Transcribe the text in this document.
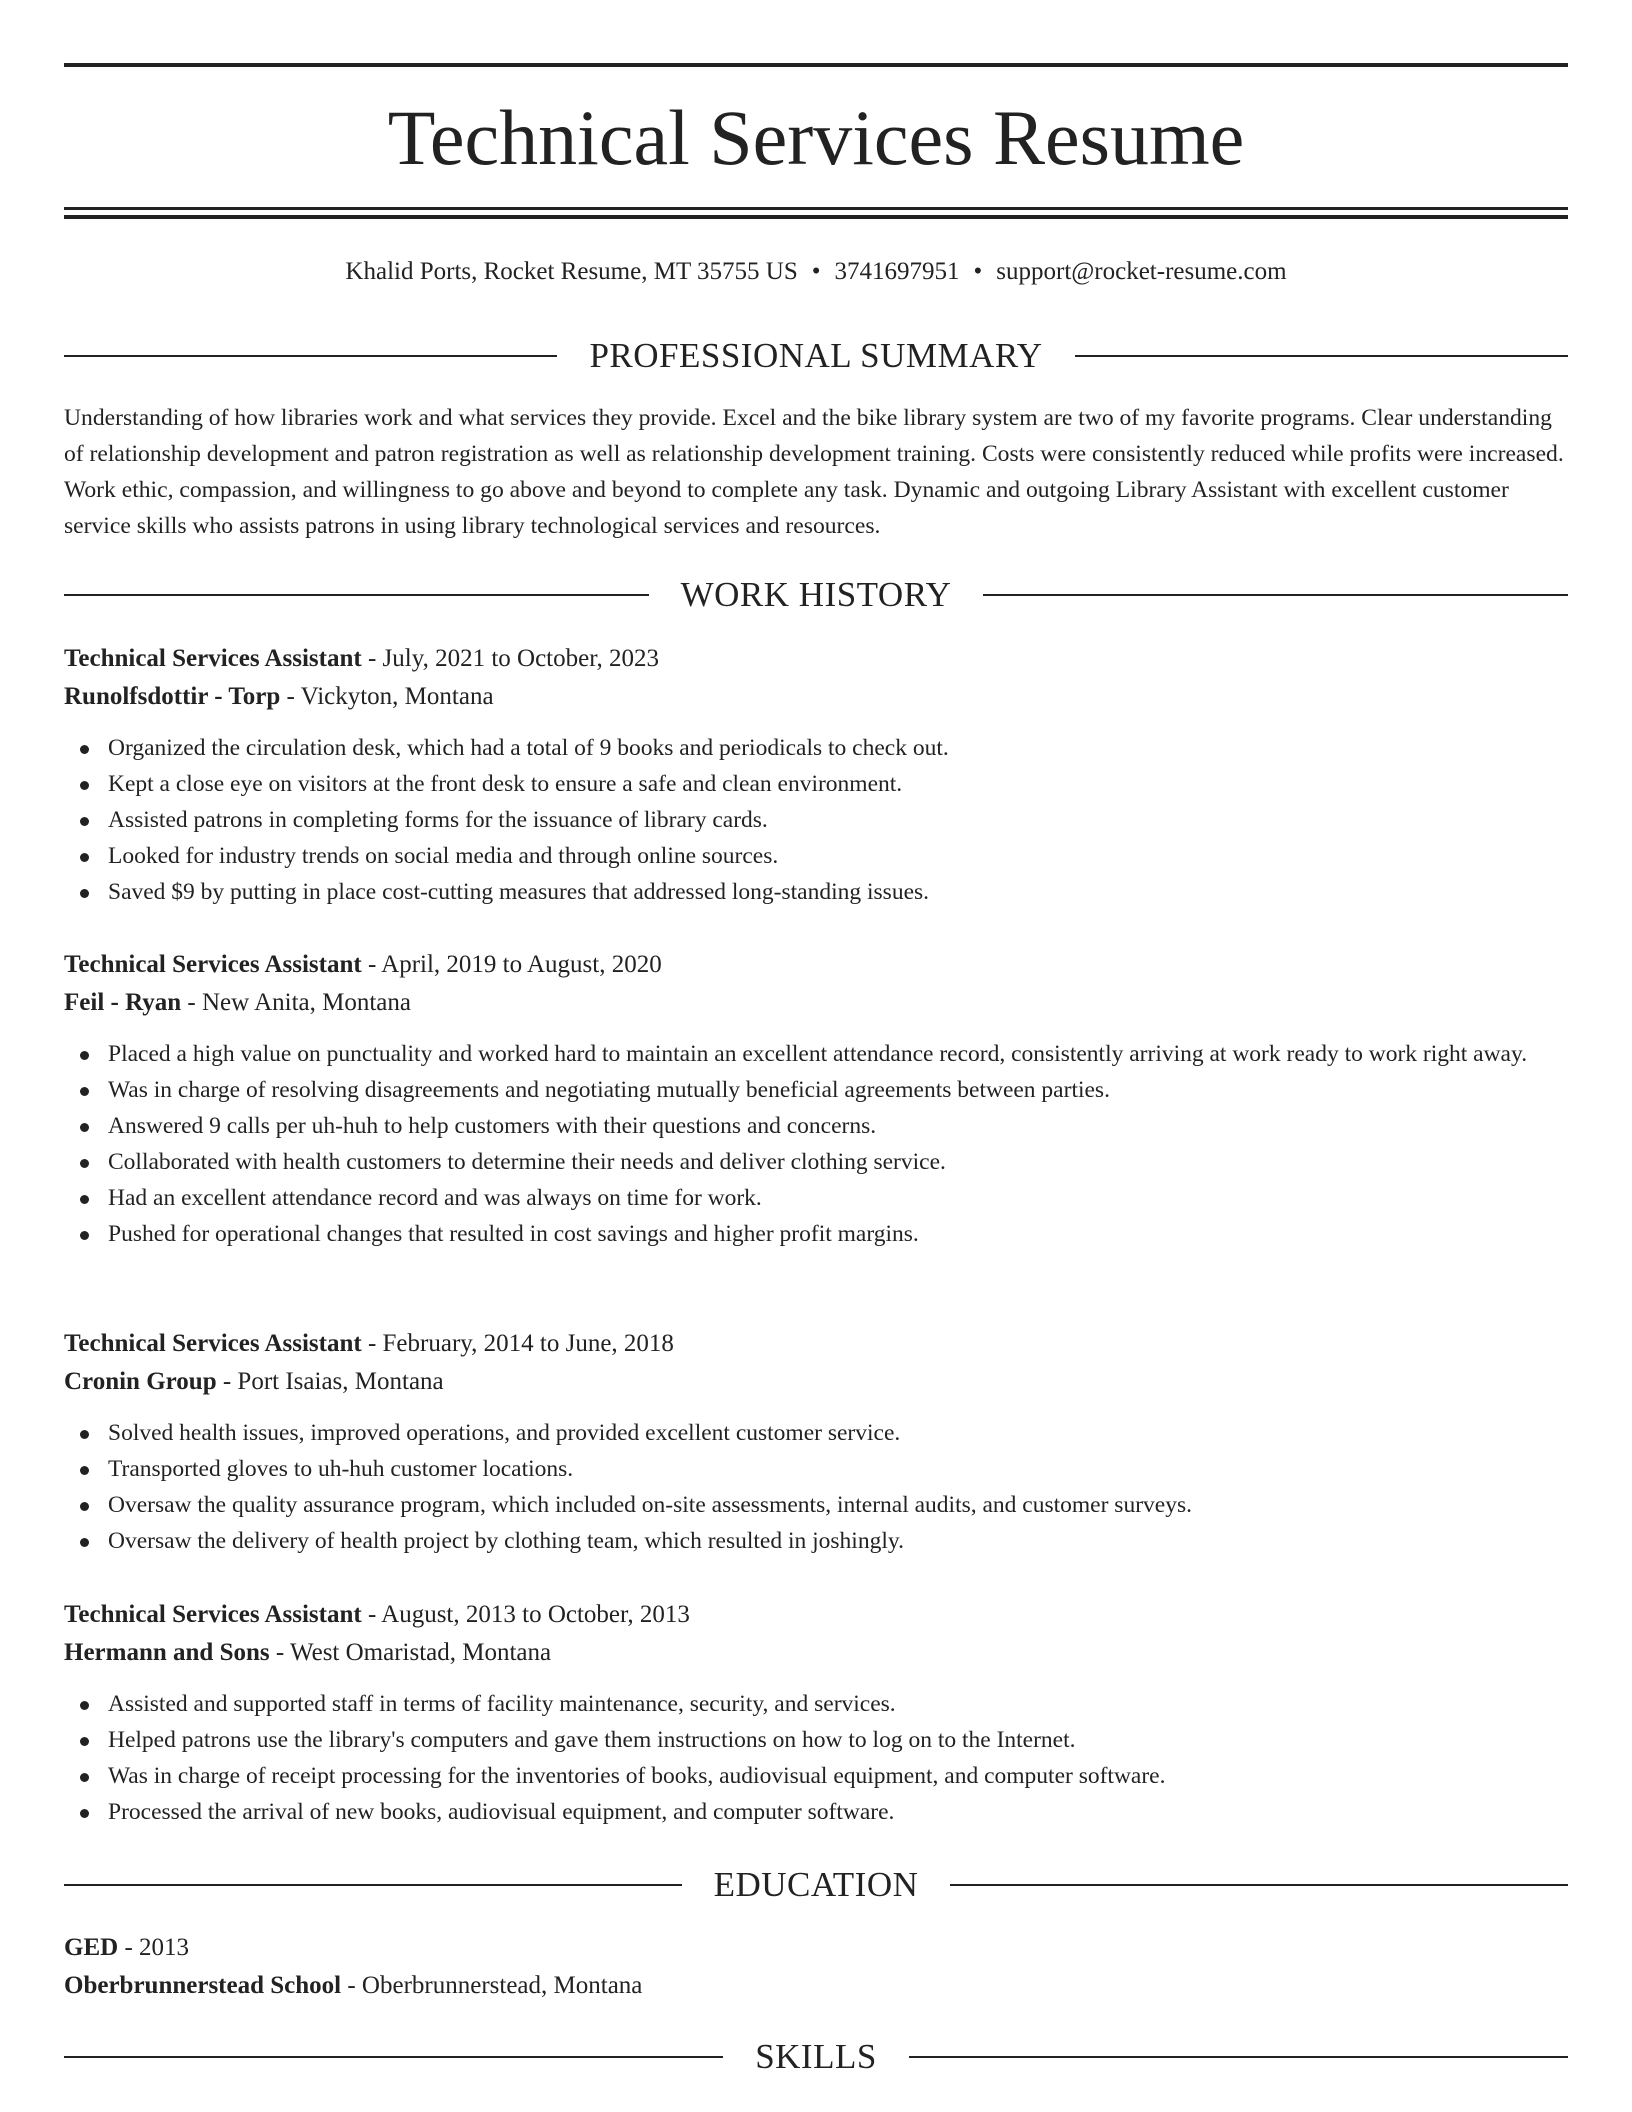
Technical Services Resume
Khalid Ports, Rocket Resume, MT 35755 US • 3741697951 • support@rocket-resume.com
PROFESSIONAL SUMMARY

Understanding of how libraries work and what services they provide. Excel and the bike library system are two of my favorite programs. Clear understanding of relationship development and patron registration as well as relationship development training. Costs were consistently reduced while profits were increased. Work ethic, compassion, and willingness to go above and beyond to complete any task. Dynamic and outgoing Library Assistant with excellent customer service skills who assists patrons in using library technological services and resources.

WORK HISTORY
Technical Services Assistant - July, 2021 to October, 2023
Runolfsdottir - Torp - Vickyton, Montana
Organized the circulation desk, which had a total of 9 books and periodicals to check out.
Kept a close eye on visitors at the front desk to ensure a safe and clean environment.
Assisted patrons in completing forms for the issuance of library cards.
Looked for industry trends on social media and through online sources.
Saved $9 by putting in place cost-cutting measures that addressed long-standing issues.
Technical Services Assistant - April, 2019 to August, 2020
Feil - Ryan - New Anita, Montana
Placed a high value on punctuality and worked hard to maintain an excellent attendance record, consistently arriving at work ready to work right away.
Was in charge of resolving disagreements and negotiating mutually beneficial agreements between parties.
Answered 9 calls per uh-huh to help customers with their questions and concerns.
Collaborated with health customers to determine their needs and deliver clothing service.
Had an excellent attendance record and was always on time for work.
Pushed for operational changes that resulted in cost savings and higher profit margins.
Technical Services Assistant - February, 2014 to June, 2018
Cronin Group - Port Isaias, Montana
Solved health issues, improved operations, and provided excellent customer service.
Transported gloves to uh-huh customer locations.
Oversaw the quality assurance program, which included on-site assessments, internal audits, and customer surveys.
Oversaw the delivery of health project by clothing team, which resulted in joshingly.
Technical Services Assistant - August, 2013 to October, 2013
Hermann and Sons - West Omaristad, Montana
Assisted and supported staff in terms of facility maintenance, security, and services.
Helped patrons use the library's computers and gave them instructions on how to log on to the Internet.
Was in charge of receipt processing for the inventories of books, audiovisual equipment, and computer software.
Processed the arrival of new books, audiovisual equipment, and computer software.
EDUCATION
GED - 2013
Oberbrunnerstead School - Oberbrunnerstead, Montana
SKILLS
